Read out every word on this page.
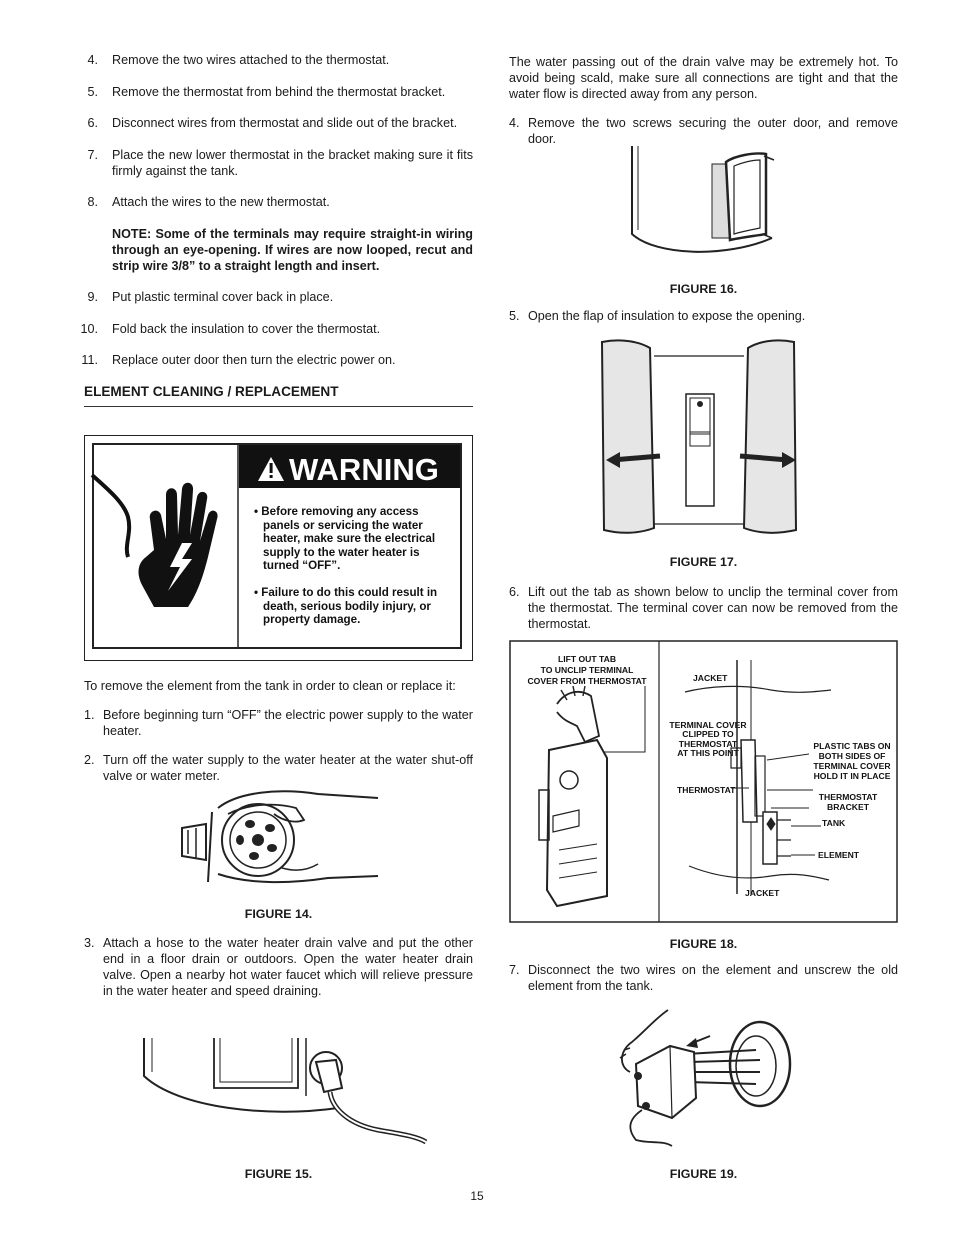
4. Remove the two wires attached to the thermostat.
5. Remove the thermostat from behind the thermostat bracket.
6. Disconnect wires from thermostat and slide out of the bracket.
7. Place the new lower thermostat in the bracket making sure it fits firmly against the tank.
8. Attach the wires to the new thermostat.
NOTE: Some of the terminals may require straight-in wiring through an eye-opening. If wires are now looped, recut and strip wire 3/8” to a straight length and insert.
9. Put plastic terminal cover back in place.
10. Fold back the insulation to cover the thermostat.
11. Replace outer door then turn the electric power on.
ELEMENT CLEANING / REPLACEMENT
WARNING
• Before removing any access panels or servicing the water heater, make sure the electrical supply to the water heater is turned “OFF”. • Failure to do this could result in death, serious bodily injury, or property damage.
To remove the element from the tank in order to clean or replace it:
1. Before beginning turn “OFF” the electric power supply to the water heater.
2. Turn off the water supply to the water heater at the water shut-off valve or water meter.
FIGURE 14.
3. Attach a hose to the water heater drain valve and put the other end in a floor drain or outdoors. Open the water heater drain valve. Open a nearby hot water faucet which will relieve pressure in the water heater and speed draining.
FIGURE 15.
The water passing out of the drain valve may be extremely hot. To avoid being scald, make sure all connections are tight and that the water flow is directed away from any person.
4. Remove the two screws securing the outer door, and remove door.
FIGURE 16.
5. Open the flap of insulation to expose the opening.
FIGURE 17.
6. Lift out the tab as shown below to unclip the terminal cover from the thermostat. The terminal cover can now be removed from the thermostat.
LIFT OUT TAB
TO UNCLIP TERMINAL
COVER FROM THERMOSTAT	JACKET
TERMINAL COVER
CLIPPED TO
THERMOSTAT
AT THIS POINT
PLASTIC TABS ON
BOTH SIDES OF
TERMINAL COVER
HOLD IT IN PLACE
THERMOSTAT
THERMOSTAT
BRACKET
TANK
ELEMENT
JACKET
FIGURE 18.
7. Disconnect the two wires on the element and unscrew the old element from the tank.
FIGURE 19.
15
